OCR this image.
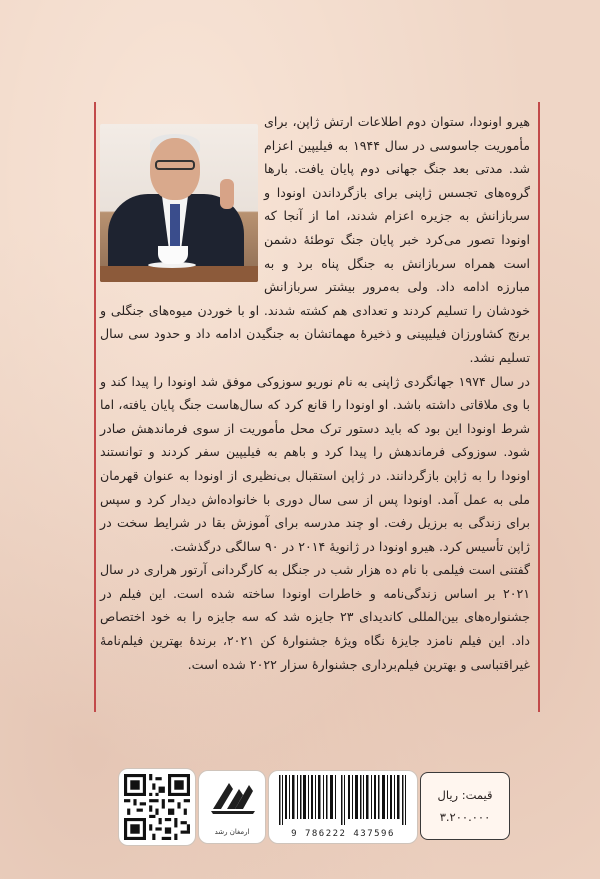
هیرو اونودا، ستوان دوم اطلاعات ارتش ژاپن، برای مأموریت جاسوسی در سال ۱۹۴۴ به فیلیپین اعزام شد. مدتی بعد جنگ جهانی دوم پایان یافت. بارها گروه‌های تجسس ژاپنی برای بازگرداندن اونودا و سربازانش به جزیره اعزام شدند، اما از آنجا که اونودا تصور می‌کرد خبر پایان جنگ توطئهٔ دشمن است همراه سربازانش به جنگل پناه برد و به مبارزه ادامه داد. ولی به‌مرور بیشتر سربازانش خودشان را تسلیم کردند و تعدادی هم کشته شدند. او با خوردن میوه‌های جنگلی و برنج کشاورزان فیلیپینی و ذخیرهٔ مهماتشان به جنگیدن ادامه داد و حدود سی سال تسلیم نشد.

در سال ۱۹۷۴ جهانگردی ژاپنی به نام نوریو سوزوکی موفق شد اونودا را پیدا کند و با وی ملاقاتی داشته باشد. او اونودا را قانع کرد که سال‌هاست جنگ پایان یافته، اما شرط اونودا این بود که باید دستور ترک محل مأموریت از سوی فرماندهش صادر شود. سوزوکی فرماندهش را پیدا کرد و باهم به فیلیپین سفر کردند و توانستند اونودا را به ژاپن بازگردانند. در ژاپن استقبال بی‌نظیری از اونودا به عنوان قهرمان ملی به عمل آمد. اونودا پس از سی سال دوری با خانواده‌اش دیدار کرد و سپس برای زندگی به برزیل رفت. او چند مدرسه برای آموزش بقا در شرایط سخت در ژاپن تأسیس کرد. هیرو اونودا در ژانویهٔ ۲۰۱۴ در ۹۰ سالگی درگذشت.

گفتنی است فیلمی با نام ده هزار شب در جنگل به کارگردانی آرتور هراری در سال ۲۰۲۱ بر اساس زندگی‌نامه و خاطرات اونودا ساخته شده است. این فیلم در جشنواره‌های بین‌المللی کاندیدای ۲۳ جایزه شد که سه جایزه را به خود اختصاص داد. این فیلم نامزد جایزهٔ نگاه ویژهٔ جشنوارهٔ کن ۲۰۲۱، برندهٔ بهترین فیلم‌نامهٔ غیراقتباسی و بهترین فیلم‌برداری جشنوارهٔ سزار ۲۰۲۲ شده است.

قیمت: ریال
۳.۲۰۰.۰۰۰
9 786222 437596
ارمغان رشد
